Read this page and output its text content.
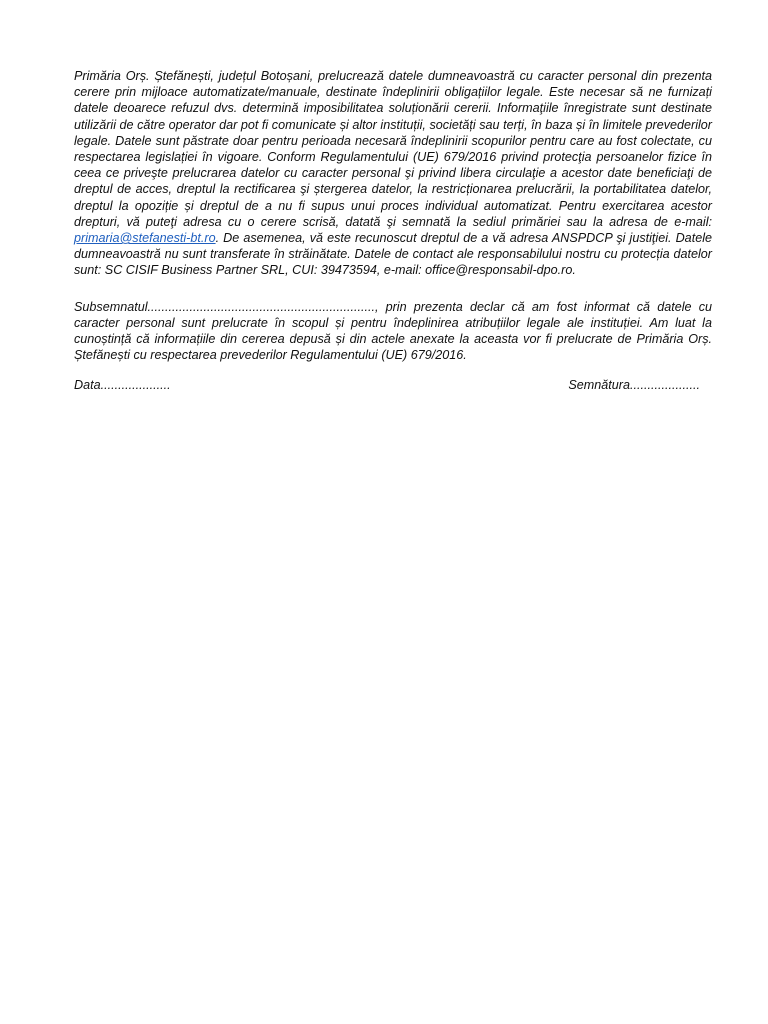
Primăria Orș. Ștefănești, județul Botoșani, prelucrează datele dumneavoastră cu caracter personal din prezenta cerere prin mijloace automatizate/manuale, destinate îndeplinirii obligațiilor legale. Este necesar să ne furnizați datele deoarece refuzul dvs. determină imposibilitatea soluționării cererii. Informaţiile înregistrate sunt destinate utilizării de către operator dar pot fi comunicate și altor instituții, societăți sau terți, în baza și în limitele prevederilor legale. Datele sunt păstrate doar pentru perioada necesară îndeplinirii scopurilor pentru care au fost colectate, cu respectarea legislației în vigoare. Conform Regulamentului (UE) 679/2016 privind protecţia persoanelor fizice în ceea ce priveşte prelucrarea datelor cu caracter personal şi privind libera circulaţie a acestor date beneficiaţi de dreptul de acces, dreptul la rectificarea şi ștergerea datelor, la restricționarea prelucrării, la portabilitatea datelor, dreptul la opoziție și dreptul de a nu fi supus unui proces individual automatizat. Pentru exercitarea acestor drepturi, vă puteţi adresa cu o cerere scrisă, datată şi semnată la sediul primăriei sau la adresa de e-mail: primaria@stefanesti-bt.ro. De asemenea, vă este recunoscut dreptul de a vă adresa ANSPDCP şi justiţiei. Datele dumneavoastră nu sunt transferate în străinătate. Datele de contact ale responsabilului nostru cu protecția datelor sunt: SC CISIF Business Partner SRL, CUI: 39473594, e-mail: office@responsabil-dpo.ro.

Subsemnatul................................................................., prin prezenta declar că am fost informat că datele cu caracter personal sunt prelucrate în scopul și pentru îndeplinirea atribuțiilor legale ale instituției. Am luat la cunoștință că informațiile din cererea depusă și din actele anexate la aceasta vor fi prelucrate de Primăria Orș. Ștefănești cu respectarea prevederilor Regulamentului (UE) 679/2016.

Data....................	Semnătura....................
